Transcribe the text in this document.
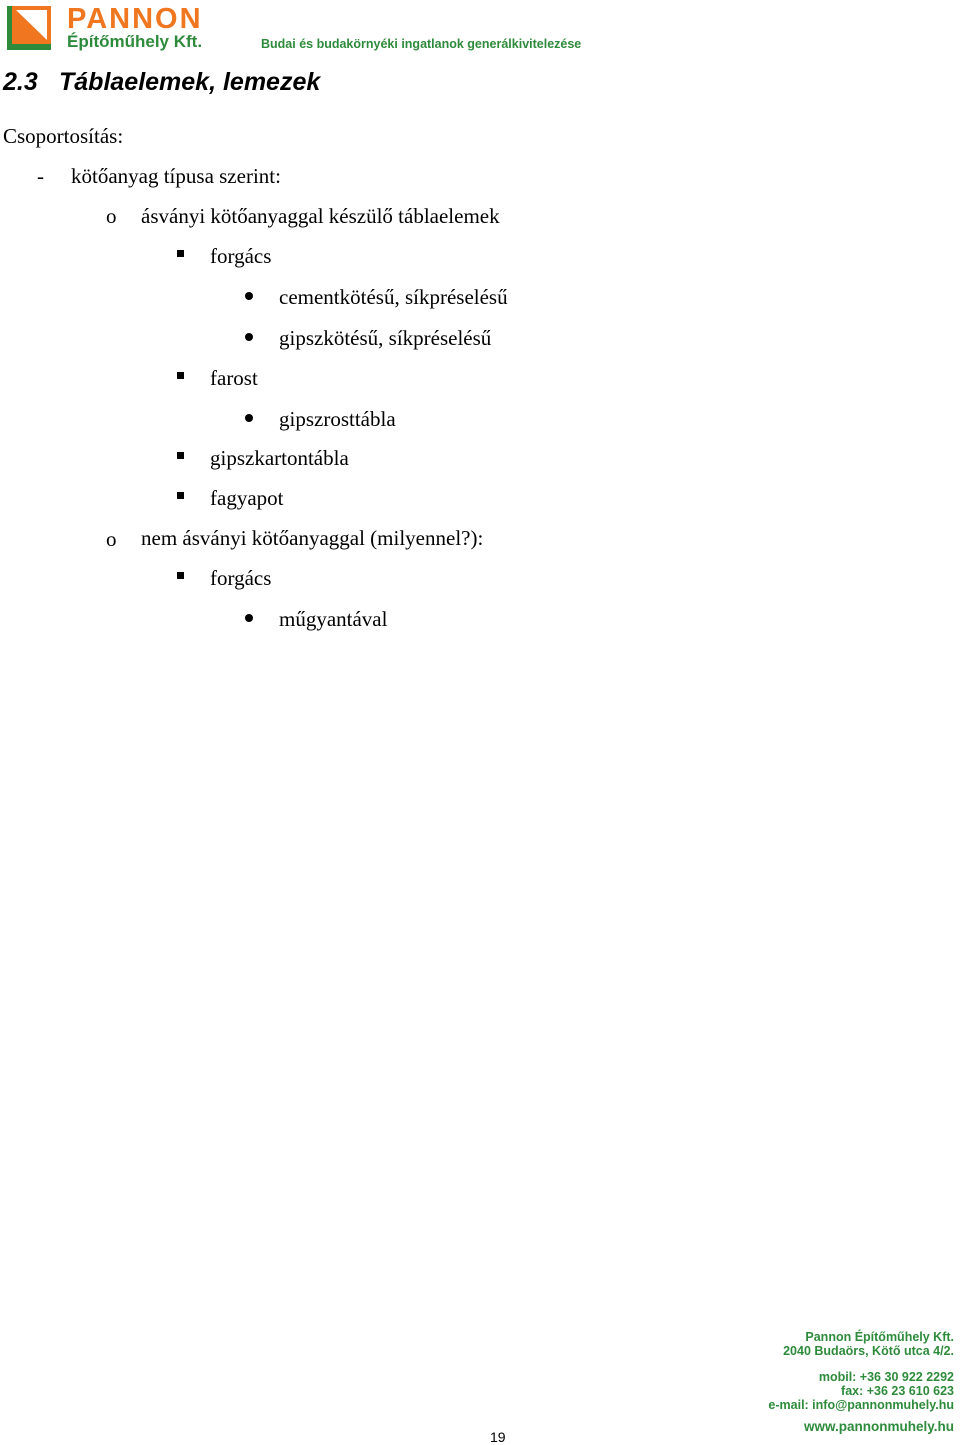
PANNON
Építőműhely Kft.	Budai és budakörnyéki ingatlanok generálkivitelezése
2.3 Táblaelemek, lemezek
Csoportosítás:
- kötőanyag típusa szerint:
o ásványi kötőanyaggal készülő táblaelemek
forgács
cementkötésű, síkpréselésű
gipszkötésű, síkpréselésű
farost
gipszrosttábla
gipszkartontábla
fagyapot
o nem ásványi kötőanyaggal (milyennel?):
forgács
műgyantával
Pannon Építőműhely Kft.
2040 Budaörs, Kötő utca 4/2.
mobil: +36 30 922 2292
fax: +36 23 610 623
e-mail: info@pannonmuhely.hu
www.pannonmuhely.hu
19
